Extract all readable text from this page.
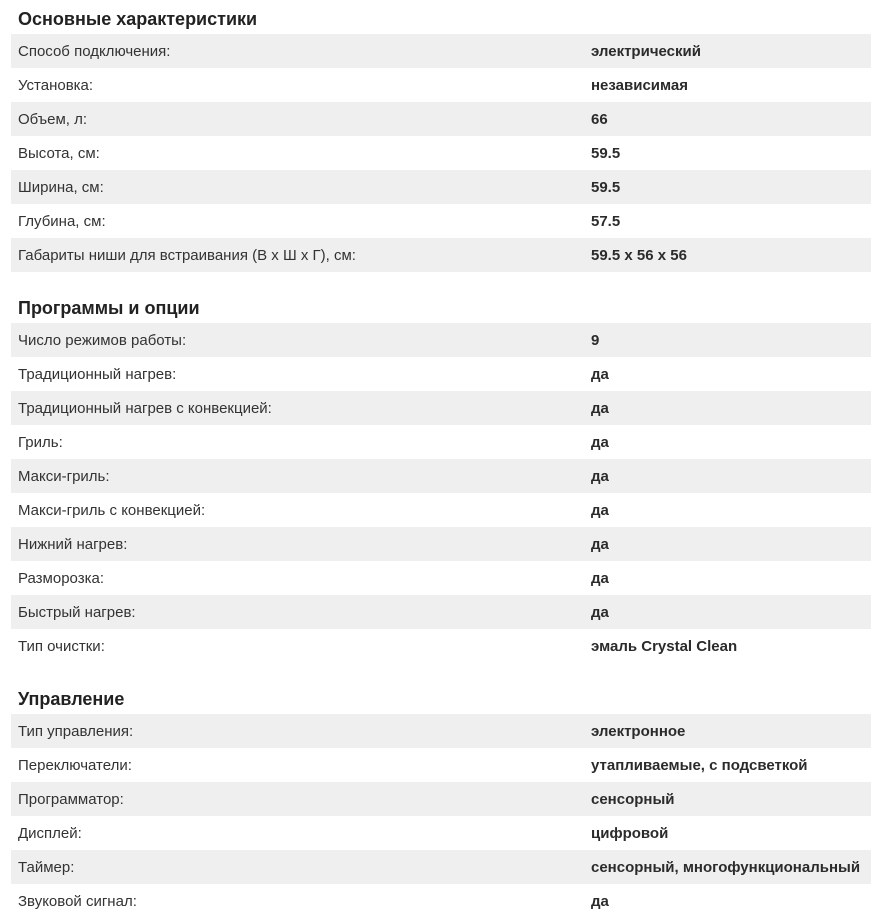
Основные характеристики
Способ подключения:	электрический
Установка:	независимая
Объем, л:	66
Высота, см:	59.5
Ширина, см:	59.5
Глубина, см:	57.5
Габариты ниши для встраивания (В х Ш х Г), см:	59.5 х 56 х 56
Программы и опции
Число режимов работы:	9
Традиционный нагрев:	да
Традиционный нагрев с конвекцией:	да
Гриль:	да
Макси-гриль:	да
Макси-гриль с конвекцией:	да
Нижний нагрев:	да
Разморозка:	да
Быстрый нагрев:	да
Тип очистки:	эмаль Crystal Clean
Управление
Тип управления:	электронное
Переключатели:	утапливаемые, с подсветкой
Программатор:	сенсорный
Дисплей:	цифровой
Таймер:	сенсорный, многофункциональный
Звуковой сигнал:	да
